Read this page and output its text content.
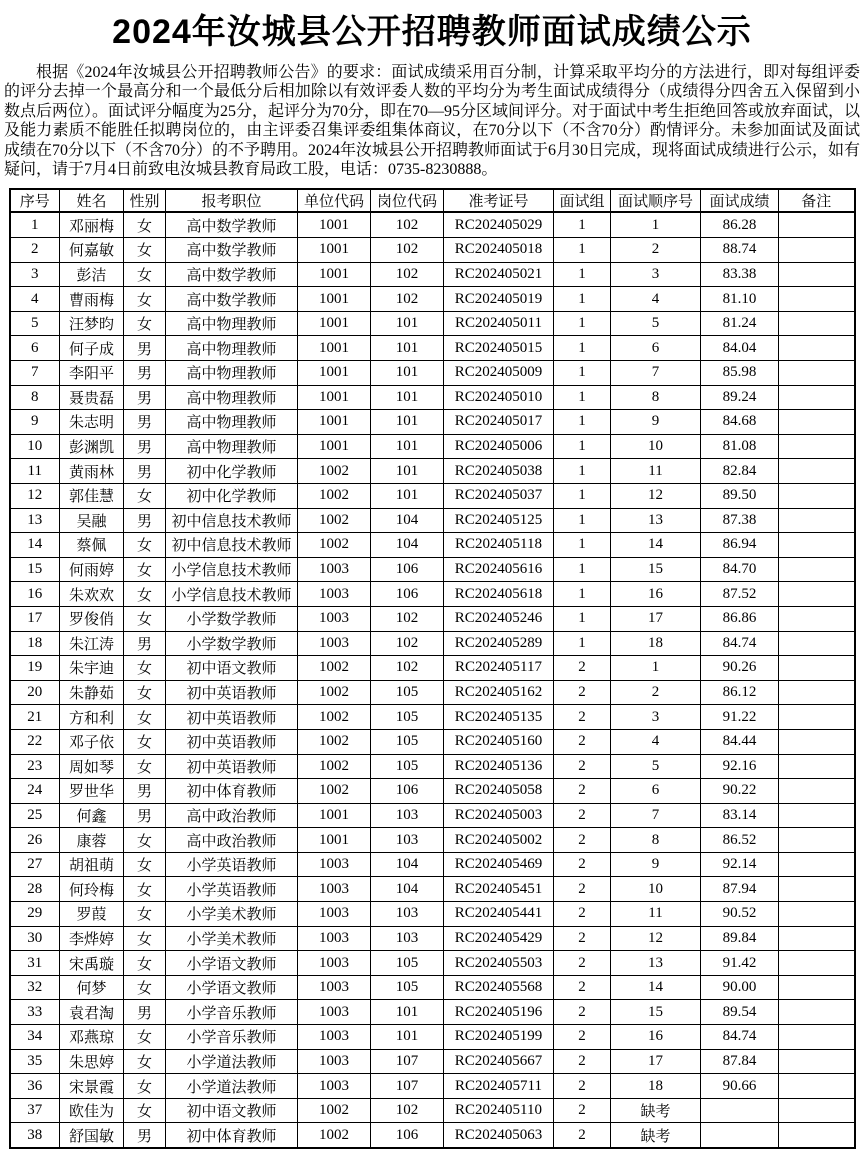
2024年汝城县公开招聘教师面试成绩公示

根据《2024年汝城县公开招聘教师公告》的要求：面试成绩采用百分制，计算采取平均分的方法进行，即对每组评委的评分去掉一个最高分和一个最低分后相加除以有效评委人数的平均分为考生面试成绩得分（成绩得分四舍五入保留到小数点后两位）。面试评分幅度为25分，起评分为70分，即在70—95分区域间评分。对于面试中考生拒绝回答或放弃面试，以及能力素质不能胜任拟聘岗位的，由主评委召集评委组集体商议，在70分以下（不含70分）酌情评分。未参加面试及面试成绩在70分以下（不含70分）的不予聘用。2024年汝城县公开招聘教师面试于6月30日完成，现将面试成绩进行公示，如有疑问，请于7月4日前致电汝城县教育局政工股，电话：0735-8230888。

序号	姓名	性别	报考职位	单位代码	岗位代码	准考证号	面试组	面试顺序号	面试成绩	备注
1	邓丽梅	女	高中数学教师	1001	102	RC202405029	1	1	86.28	
2	何嘉敏	女	高中数学教师	1001	102	RC202405018	1	2	88.74	
3	彭洁	女	高中数学教师	1001	102	RC202405021	1	3	83.38	
4	曹雨梅	女	高中数学教师	1001	102	RC202405019	1	4	81.10	
5	汪梦昀	女	高中物理教师	1001	101	RC202405011	1	5	81.24	
6	何子成	男	高中物理教师	1001	101	RC202405015	1	6	84.04	
7	李阳平	男	高中物理教师	1001	101	RC202405009	1	7	85.98	
8	聂贵磊	男	高中物理教师	1001	101	RC202405010	1	8	89.24	
9	朱志明	男	高中物理教师	1001	101	RC202405017	1	9	84.68	
10	彭渊凯	男	高中物理教师	1001	101	RC202405006	1	10	81.08	
11	黄雨林	男	初中化学教师	1002	101	RC202405038	1	11	82.84	
12	郭佳慧	女	初中化学教师	1002	101	RC202405037	1	12	89.50	
13	吴融	男	初中信息技术教师	1002	104	RC202405125	1	13	87.38	
14	蔡佩	女	初中信息技术教师	1002	104	RC202405118	1	14	86.94	
15	何雨婷	女	小学信息技术教师	1003	106	RC202405616	1	15	84.70	
16	朱欢欢	女	小学信息技术教师	1003	106	RC202405618	1	16	87.52	
17	罗俊俏	女	小学数学教师	1003	102	RC202405246	1	17	86.86	
18	朱江涛	男	小学数学教师	1003	102	RC202405289	1	18	84.74	
19	朱宇迪	女	初中语文教师	1002	102	RC202405117	2	1	90.26	
20	朱静茹	女	初中英语教师	1002	105	RC202405162	2	2	86.12	
21	方和利	女	初中英语教师	1002	105	RC202405135	2	3	91.22	
22	邓子依	女	初中英语教师	1002	105	RC202405160	2	4	84.44	
23	周如琴	女	初中英语教师	1002	105	RC202405136	2	5	92.16	
24	罗世华	男	初中体育教师	1002	106	RC202405058	2	6	90.22	
25	何鑫	男	高中政治教师	1001	103	RC202405003	2	7	83.14	
26	康蓉	女	高中政治教师	1001	103	RC202405002	2	8	86.52	
27	胡祖萌	女	小学英语教师	1003	104	RC202405469	2	9	92.14	
28	何玲梅	女	小学英语教师	1003	104	RC202405451	2	10	87.94	
29	罗葭	女	小学美术教师	1003	103	RC202405441	2	11	90.52	
30	李烨婷	女	小学美术教师	1003	103	RC202405429	2	12	89.84	
31	宋禹璇	女	小学语文教师	1003	105	RC202405503	2	13	91.42	
32	何梦	女	小学语文教师	1003	105	RC202405568	2	14	90.00	
33	袁君淘	男	小学音乐教师	1003	101	RC202405196	2	15	89.54	
34	邓燕琼	女	小学音乐教师	1003	101	RC202405199	2	16	84.74	
35	朱思婷	女	小学道法教师	1003	107	RC202405667	2	17	87.84	
36	宋景霞	女	小学道法教师	1003	107	RC202405711	2	18	90.66	
37	欧佳为	女	初中语文教师	1002	102	RC202405110	2	缺考		
38	舒国敏	男	初中体育教师	1002	106	RC202405063	2	缺考		
